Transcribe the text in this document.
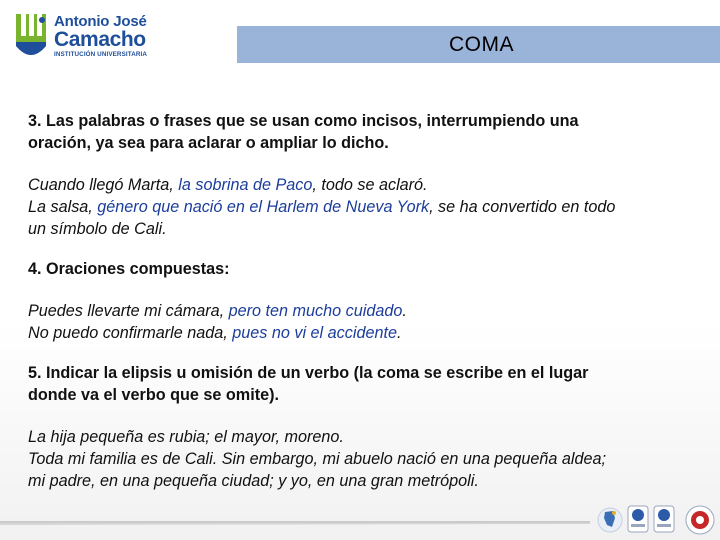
Antonio José
Camacho
INSTITUCIÓN UNIVERSITARIA	COMA
3. Las palabras o frases que se usan como incisos, interrumpiendo una
oración, ya sea para aclarar o ampliar lo dicho.
Cuando llegó Marta, la sobrina de Paco, todo se aclaró.
La salsa, género que nació en el Harlem de Nueva York, se ha convertido en todo
un símbolo de Cali.
4. Oraciones compuestas:
Puedes llevarte mi cámara, pero ten mucho cuidado.
No puedo confirmarle nada, pues no vi el accidente.
5. Indicar la elipsis u omisión de un verbo (la coma se escribe en el lugar
donde va el verbo que se omite).
La hija pequeña es rubia; el mayor, moreno.
Toda mi familia es de Cali. Sin embargo, mi abuelo nació en una pequeña aldea;
mi padre, en una pequeña ciudad; y yo, en una gran metrópoli.
